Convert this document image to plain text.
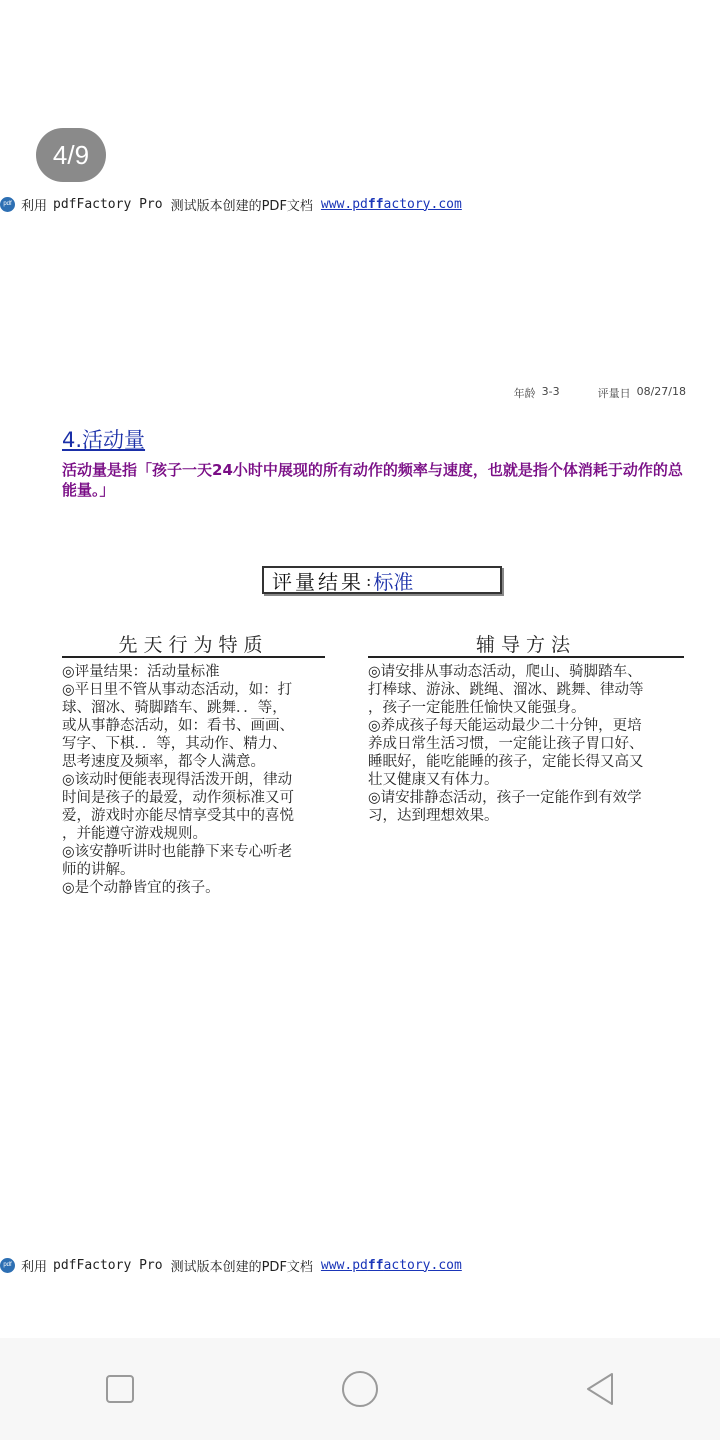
4/9
pdf 利用 pdfFactory Pro 测试版本创建的PDF文档 www.pdffactory.com
年龄 3-3	评量日 08/27/18
4.活动量
活动量是指「孩子一天24小时中展现的所有动作的频率与速度，也就是指个体消耗于动作的总能量。」
评量结果 : 标准
先天行为特质	辅导方法

◎评量结果：活动量标准

◎平日里不管从事动态活动，如：打

球、溜冰、骑脚踏车、跳舞．．等，

或从事静态活动，如：看书、画画、

写字、下棋．．等，其动作、精力、

思考速度及频率，都令人满意。

◎该动时便能表现得活泼开朗，律动

时间是孩子的最爱，动作须标准又可

爱，游戏时亦能尽情享受其中的喜悦

，并能遵守游戏规则。

◎该安静听讲时也能静下来专心听老

师的讲解。

◎是个动静皆宜的孩子。

◎请安排从事动态活动，爬山、骑脚踏车、

打棒球、游泳、跳绳、溜冰、跳舞、律动等

，孩子一定能胜任愉快又能强身。

◎养成孩子每天能运动最少二十分钟，更培

养成日常生活习惯，一定能让孩子胃口好、

睡眠好，能吃能睡的孩子，定能长得又高又

壮又健康又有体力。

◎请安排静态活动，孩子一定能作到有效学

习，达到理想效果。

pdf 利用 pdfFactory Pro 测试版本创建的PDF文档 www.pdffactory.com
